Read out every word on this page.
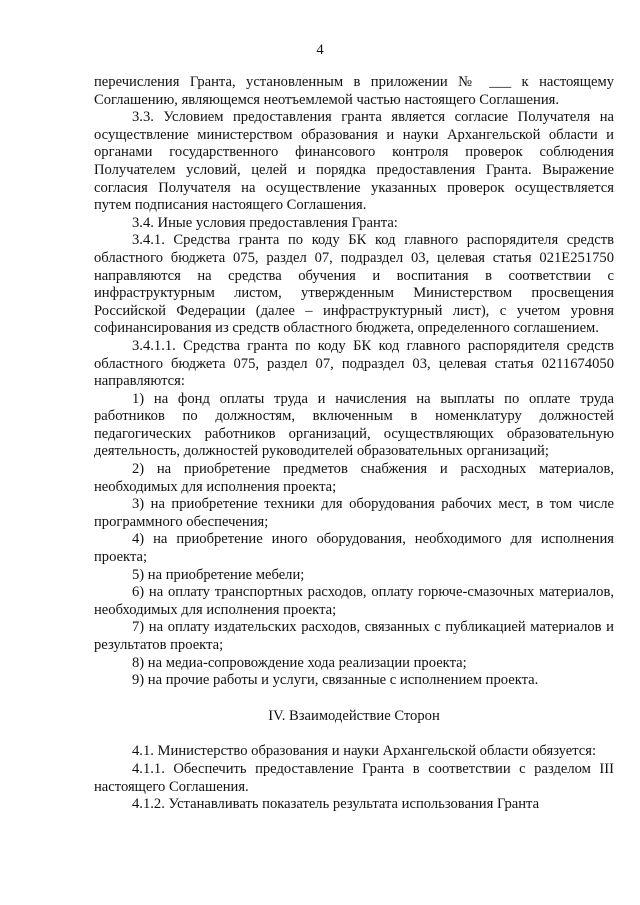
4

перечисления Гранта, установленным в приложении № ___ к настоящему Соглашению, являющемся неотъемлемой частью настоящего Соглашения.

3.3. Условием предоставления гранта является согласие Получателя на осуществление министерством образования и науки Архангельской области и органами государственного финансового контроля проверок соблюдения Получателем условий, целей и порядка предоставления Гранта. Выражение согласия Получателя на осуществление указанных проверок осуществляется путем подписания настоящего Соглашения.

3.4. Иные условия предоставления Гранта:

3.4.1. Средства гранта по коду БК код главного распорядителя средств областного бюджета 075, раздел 07, подраздел 03, целевая статья 021E251750 направляются на средства обучения и воспитания в соответствии с инфраструктурным листом, утвержденным Министерством просвещения Российской Федерации (далее – инфраструктурный лист), с учетом уровня софинансирования из средств областного бюджета, определенного соглашением.

3.4.1.1. Средства гранта по коду БК код главного распорядителя средств областного бюджета 075, раздел 07, подраздел 03, целевая статья 0211674050 направляются:

1) на фонд оплаты труда и начисления на выплаты по оплате труда работников по должностям, включенным в номенклатуру должностей педагогических работников организаций, осуществляющих образовательную деятельность, должностей руководителей образовательных организаций;

2) на приобретение предметов снабжения и расходных материалов, необходимых для исполнения проекта;

3) на приобретение техники для оборудования рабочих мест, в том числе программного обеспечения;

4) на приобретение иного оборудования, необходимого для исполнения проекта;

5) на приобретение мебели;

6) на оплату транспортных расходов, оплату горюче-смазочных материалов, необходимых для исполнения проекта;

7) на оплату издательских расходов, связанных с публикацией материалов и результатов проекта;

8) на медиа-сопровождение хода реализации проекта;

9) на прочие работы и услуги, связанные с исполнением проекта.

IV. Взаимодействие Сторон

4.1. Министерство образования и науки Архангельской области обязуется:

4.1.1. Обеспечить предоставление Гранта в соответствии с разделом III настоящего Соглашения.

4.1.2. Устанавливать показатель результата использования Гранта
